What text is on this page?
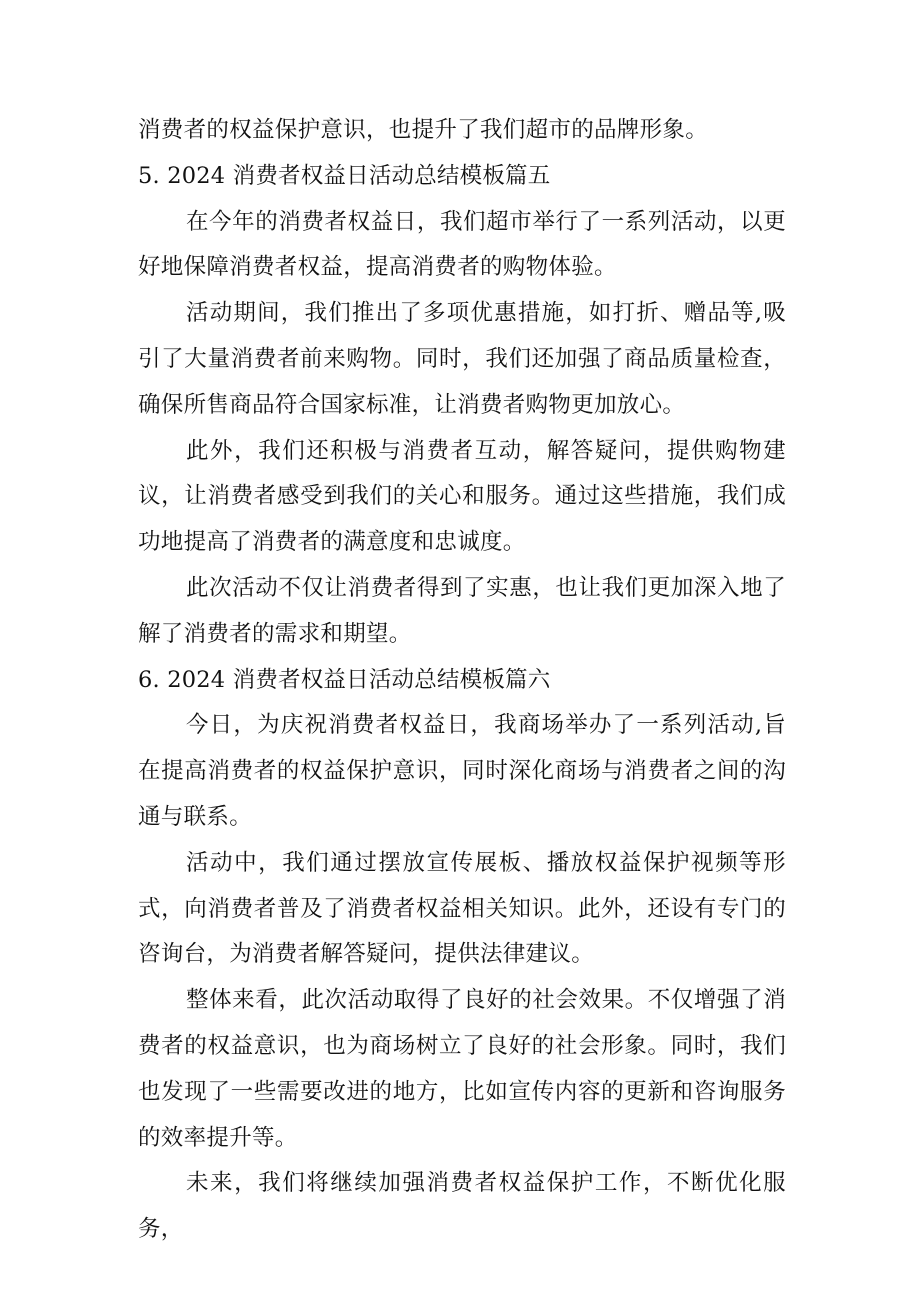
消费者的权益保护意识，也提升了我们超市的品牌形象。

5. 2024 消费者权益日活动总结模板篇五

在今年的消费者权益日，我们超市举行了一系列活动，以更好地保障消费者权益，提高消费者的购物体验。

活动期间，我们推出了多项优惠措施，如打折、赠品等,吸引了大量消费者前来购物。同时，我们还加强了商品质量检查，确保所售商品符合国家标准，让消费者购物更加放心。

此外，我们还积极与消费者互动，解答疑问，提供购物建议，让消费者感受到我们的关心和服务。通过这些措施，我们成功地提高了消费者的满意度和忠诚度。

此次活动不仅让消费者得到了实惠，也让我们更加深入地了解了消费者的需求和期望。

6. 2024 消费者权益日活动总结模板篇六

今日，为庆祝消费者权益日，我商场举办了一系列活动,旨在提高消费者的权益保护意识，同时深化商场与消费者之间的沟通与联系。

活动中，我们通过摆放宣传展板、播放权益保护视频等形式，向消费者普及了消费者权益相关知识。此外，还设有专门的咨询台，为消费者解答疑问，提供法律建议。

整体来看，此次活动取得了良好的社会效果。不仅增强了消费者的权益意识，也为商场树立了良好的社会形象。同时，我们也发现了一些需要改进的地方，比如宣传内容的更新和咨询服务的效率提升等。

未来，我们将继续加强消费者权益保护工作，不断优化服务，
